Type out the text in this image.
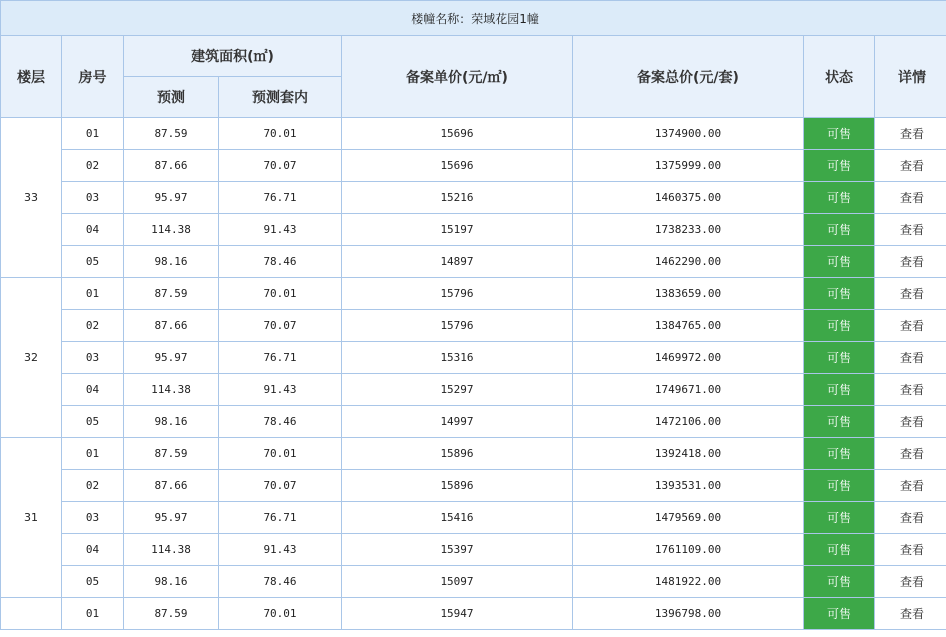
楼幢名称：荣域花园1幢							
楼层	房号	建筑面积(㎡)		备案单价(元/㎡)	备案总价(元/套)	状态	详情
		预测	预测套内				
33	01	87.59	70.01	15696	1374900.00	可售	查看
	02	87.66	70.07	15696	1375999.00	可售	查看
	03	95.97	76.71	15216	1460375.00	可售	查看
	04	114.38	91.43	15197	1738233.00	可售	查看
	05	98.16	78.46	14897	1462290.00	可售	查看
32	01	87.59	70.01	15796	1383659.00	可售	查看
	02	87.66	70.07	15796	1384765.00	可售	查看
	03	95.97	76.71	15316	1469972.00	可售	查看
	04	114.38	91.43	15297	1749671.00	可售	查看
	05	98.16	78.46	14997	1472106.00	可售	查看
31	01	87.59	70.01	15896	1392418.00	可售	查看
	02	87.66	70.07	15896	1393531.00	可售	查看
	03	95.97	76.71	15416	1479569.00	可售	查看
	04	114.38	91.43	15397	1761109.00	可售	查看
	05	98.16	78.46	15097	1481922.00	可售	查看
	01	87.59	70.01	15947	1396798.00	可售	查看
